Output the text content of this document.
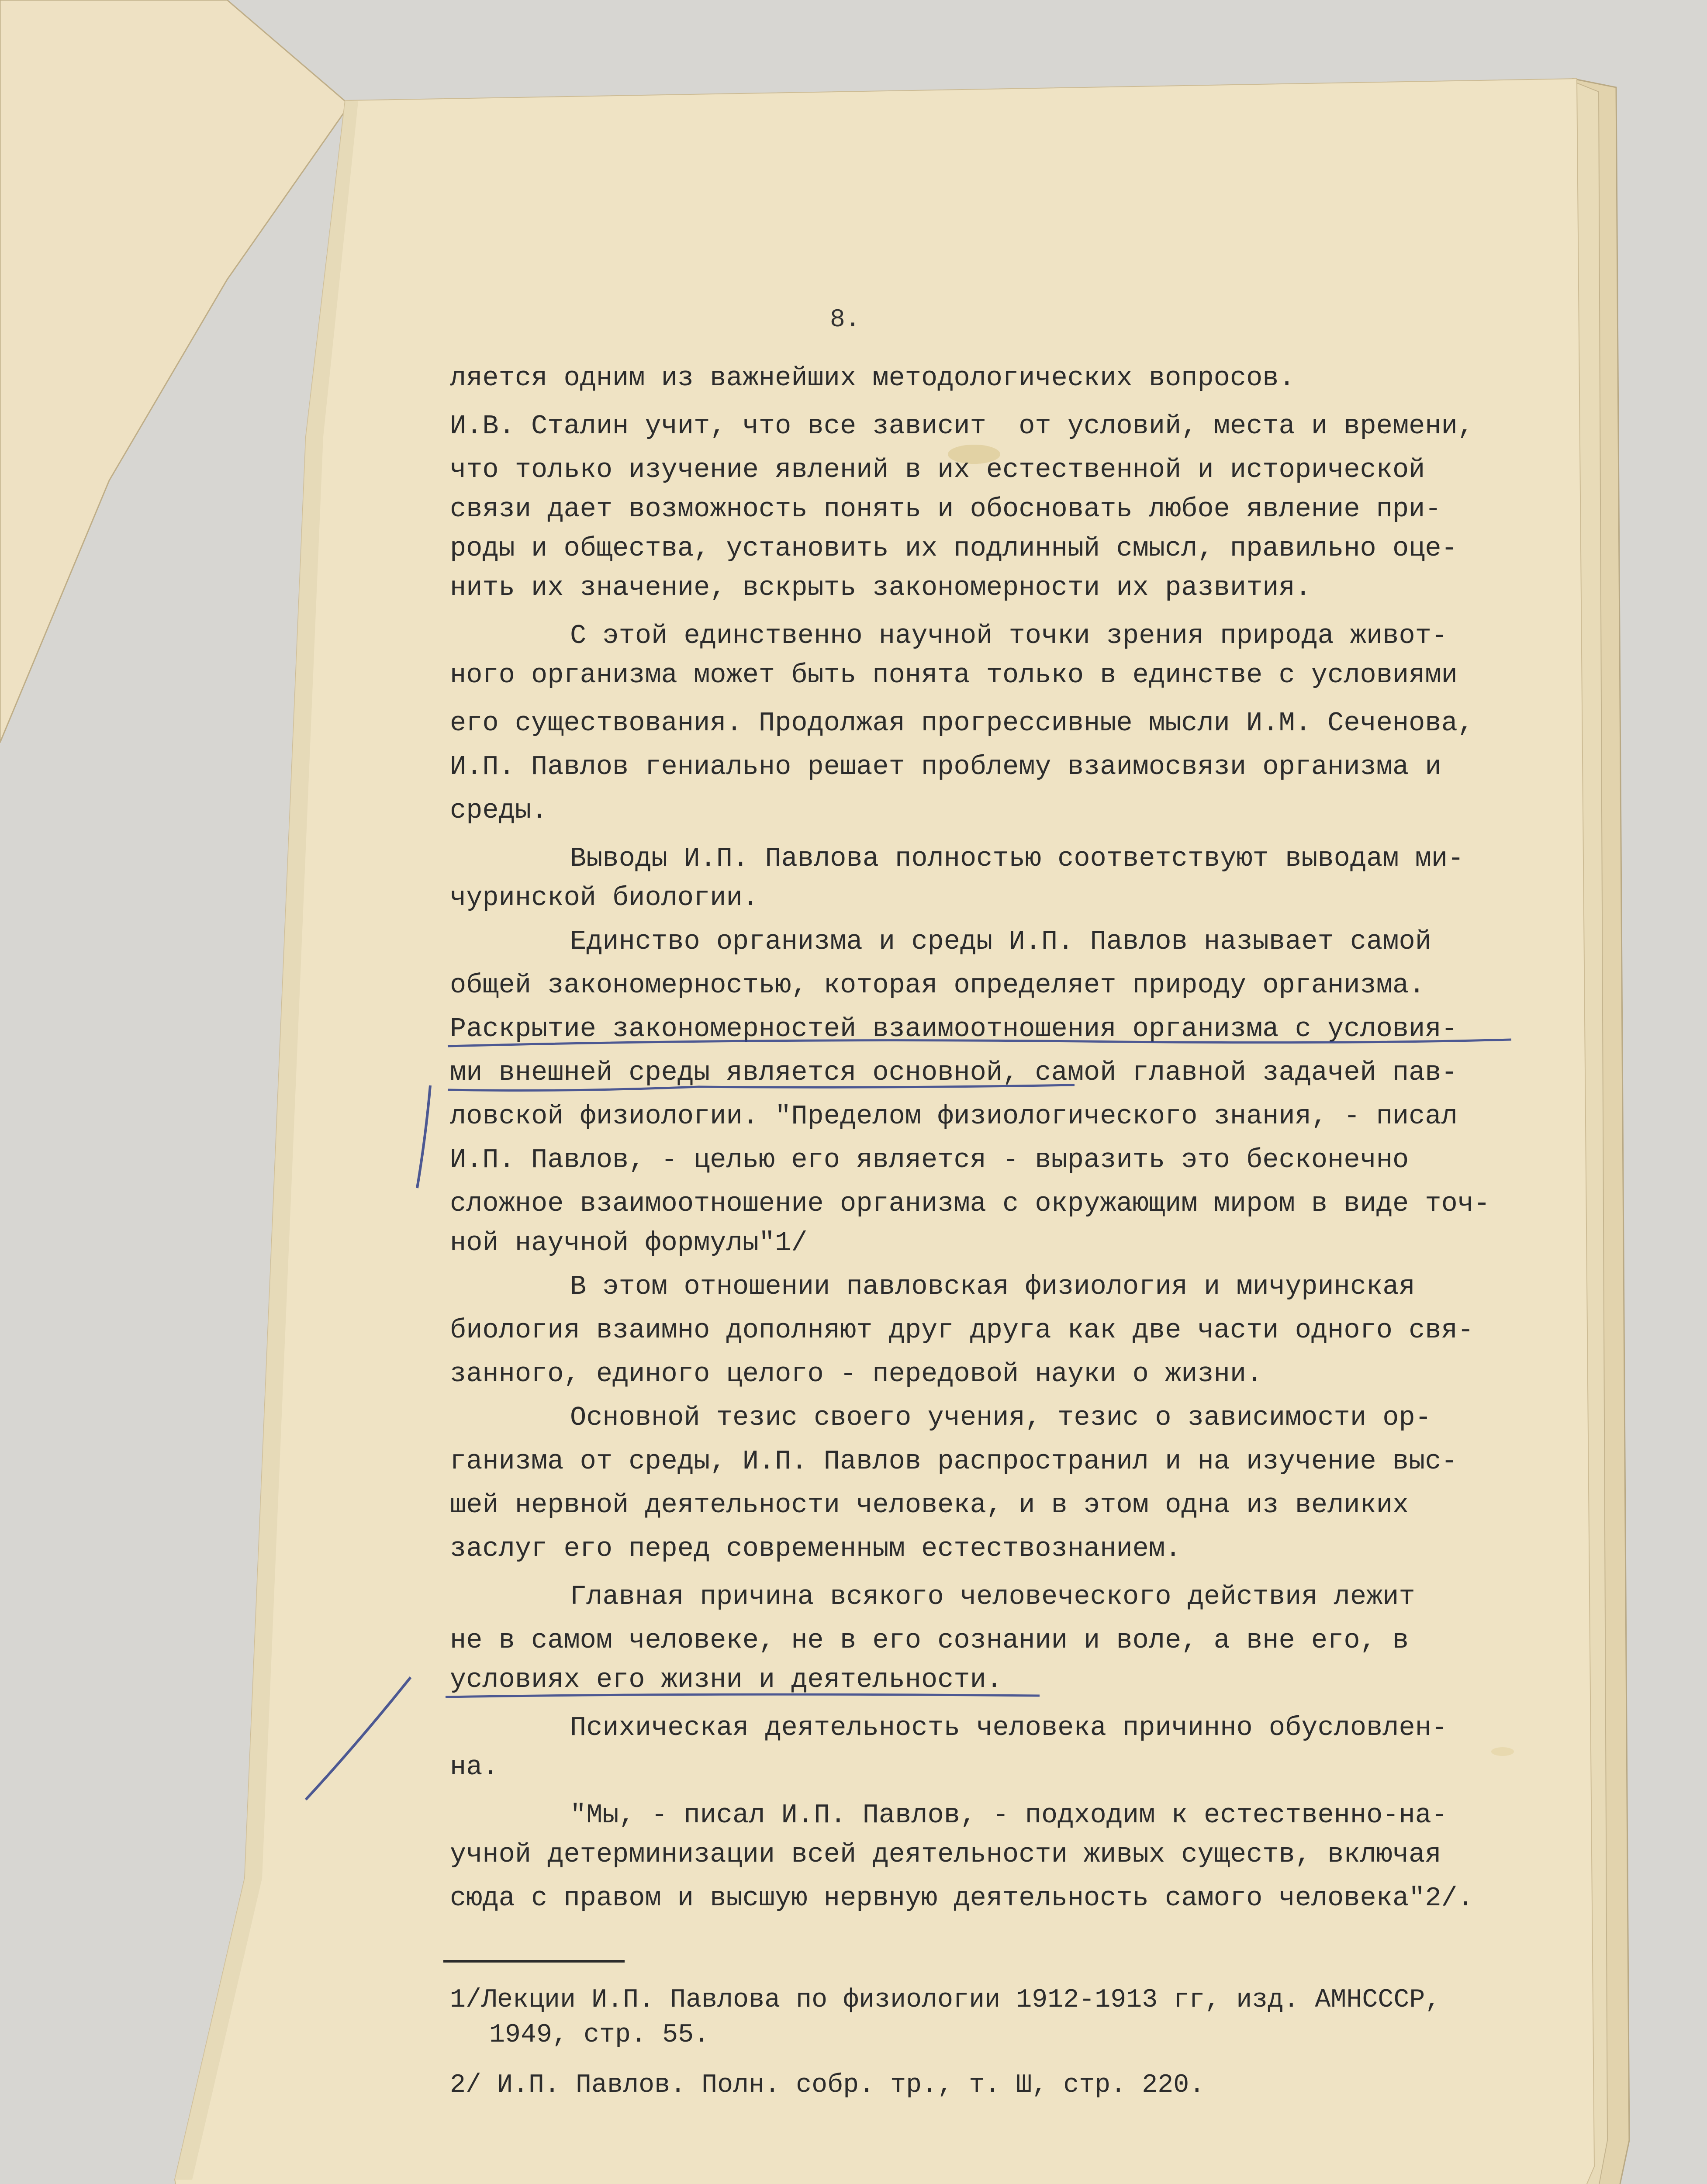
8.
ляется одним из важнейших методологических вопросов.
И.В. Сталин учит, что все зависит  от условий, места и времени,
что только изучение явлений в их естественной и исторической
связи дает возможность понять и обосновать любое явление при-
роды и общества, установить их подлинный смысл, правильно оце-
нить их значение, вскрыть закономерности их развития.
С этой единственно научной точки зрения природа живот-
ного организма может быть понята только в единстве с условиями
его существования. Продолжая прогрессивные мысли И.М. Сеченова,
И.П. Павлов гениально решает проблему взаимосвязи организма и
среды.
Выводы И.П. Павлова полностью соответствуют выводам ми-
чуринской биологии.
Единство организма и среды И.П. Павлов называет самой
общей закономерностью, которая определяет природу организма.
Раскрытие закономерностей взаимоотношения организма с условия-
ми внешней среды является основной, самой главной задачей пав-
ловской физиологии. "Пределом физиологического знания, - писал
И.П. Павлов, - целью его является - выразить это бесконечно
сложное взаимоотношение организма с окружающим миром в виде точ-
ной научной формулы"1/
В этом отношении павловская физиология и мичуринская
биология взаимно дополняют друг друга как две части одного свя-
занного, единого целого - передовой науки о жизни.
Основной тезис своего учения, тезис о зависимости ор-
ганизма от среды, И.П. Павлов распространил и на изучение выс-
шей нервной деятельности человека, и в этом одна из великих
заслуг его перед современным естествознанием.
Главная причина всякого человеческого действия лежит
не в самом человеке, не в его сознании и воле, а вне его, в
условиях его жизни и деятельности.
Психическая деятельность человека причинно обусловлен-
на.
"Мы, - писал И.П. Павлов, - подходим к естественно-на-
учной детерминизации всей деятельности живых существ, включая
сюда с правом и высшую нервную деятельность самого человека"2/.
1/Лекции И.П. Павлова по физиологии 1912-1913 гг, изд. АМНСССР,
1949, стр. 55.
2/ И.П. Павлов. Полн. собр. тр., т. Ш, стр. 220.
